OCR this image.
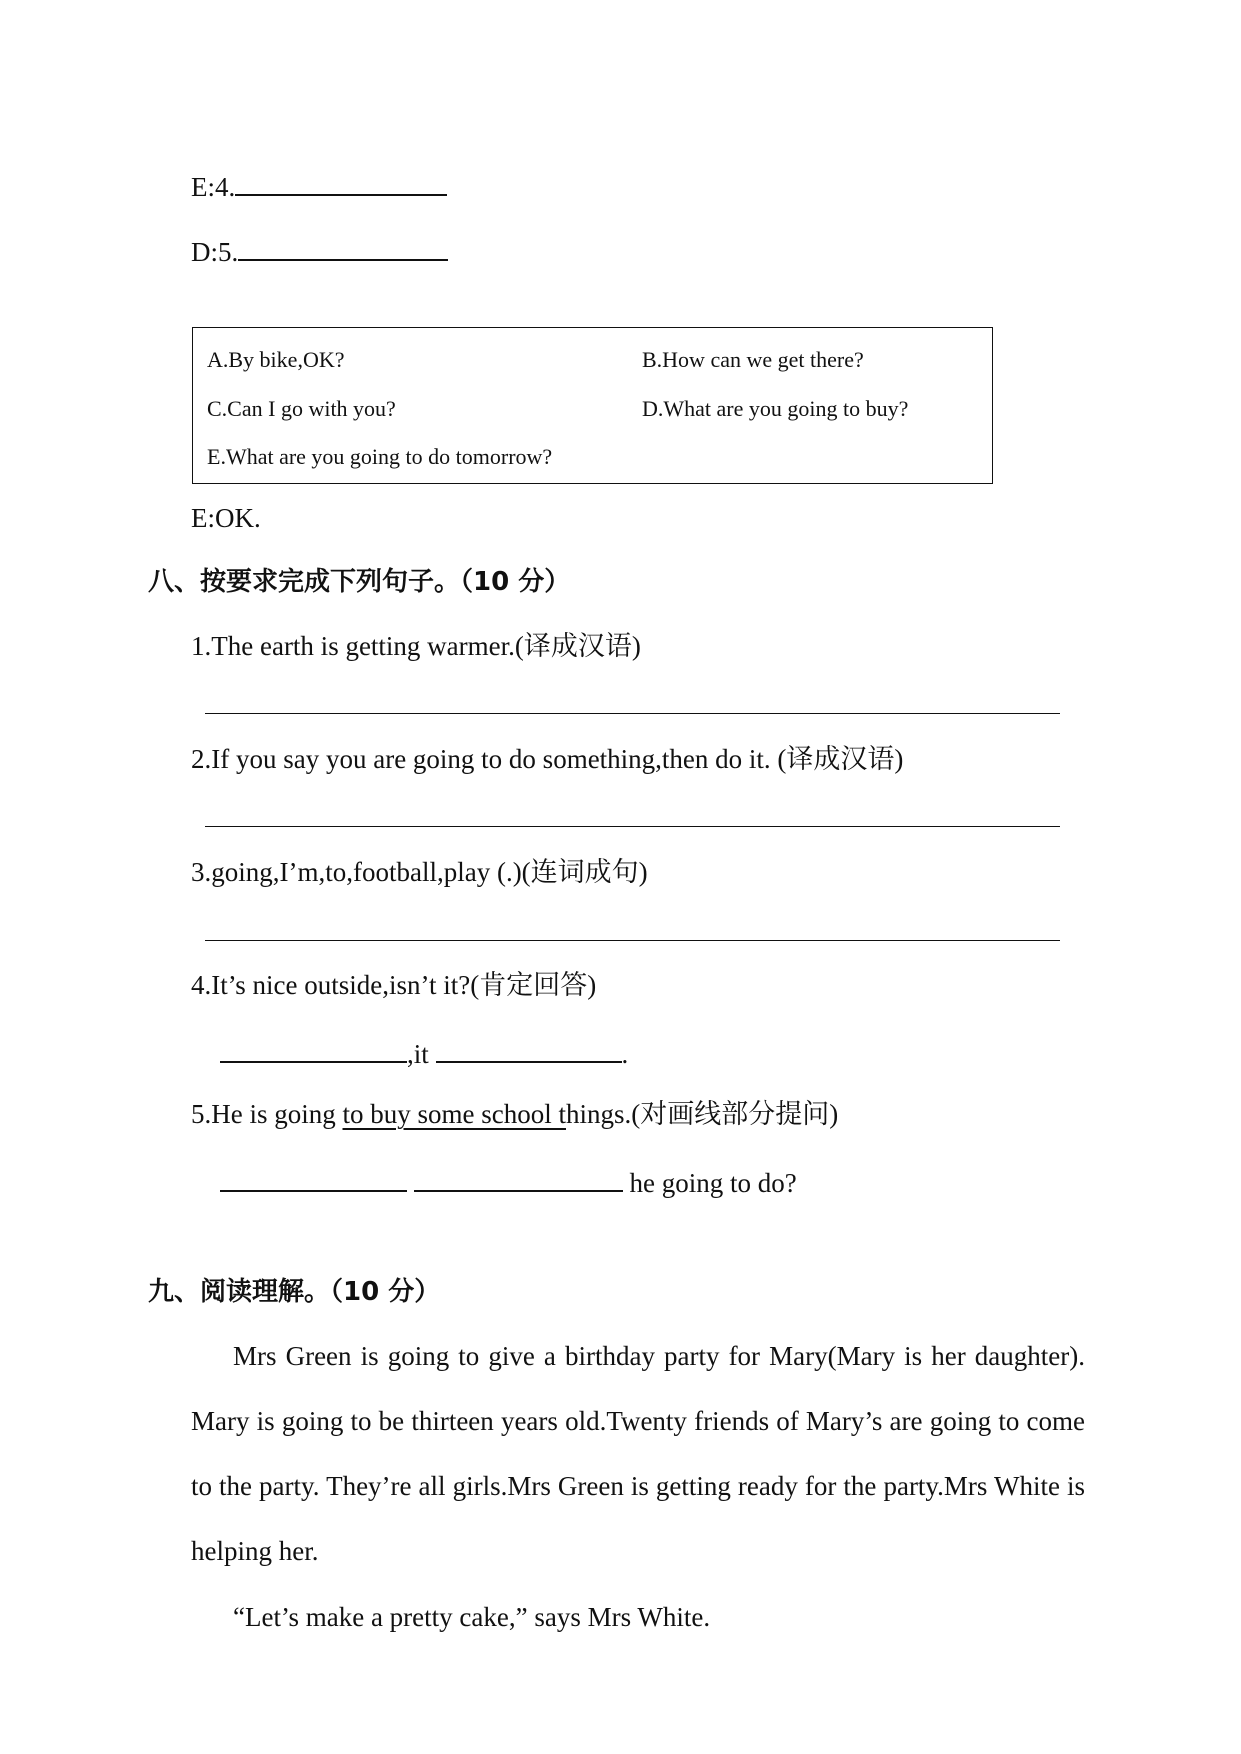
E:4.
D:5.
A.By bike,OK?	B.How can we get there?
C.Can I go with you?	D.What are you going to buy?
E.What are you going to do tomorrow?
E:OK.
八、按要求完成下列句子。（10 分）
1.The earth is getting warmer.(译成汉语)
2.If you say you are going to do something,then do it. (译成汉语)
3.going,I’m,to,football,play (.)(连词成句)
4.It’s nice outside,isn’t it?(肯定回答)
,it	.
5.He is going to buy some school things.(对画线部分提问)
he going to do?
九、阅读理解。（10 分）
Mrs Green is going to give a birthday party for Mary(Mary is her daughter). Mary is going to be thirteen years old.Twenty friends of Mary’s are going to come to the party. They’re all girls.Mrs Green is getting ready for the party.Mrs White is helping her.
“Let’s make a pretty cake,” says Mrs White.
